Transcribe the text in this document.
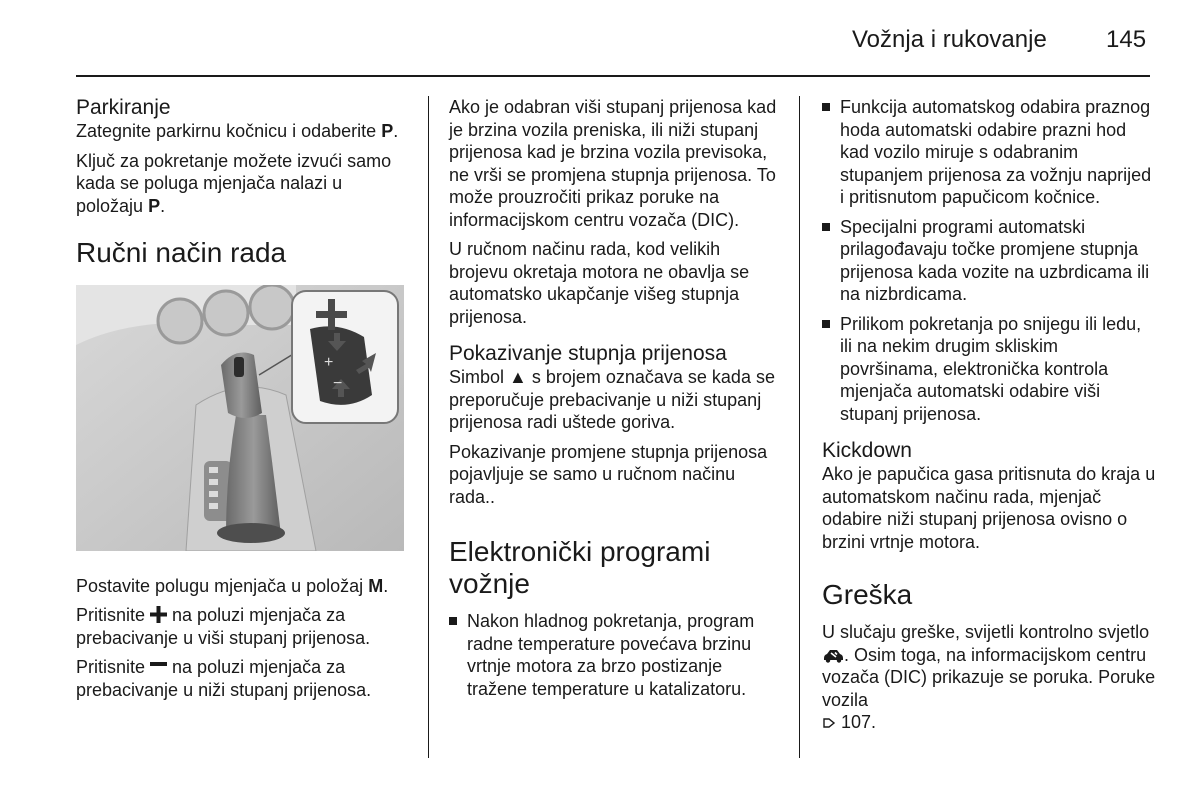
Vožnja i rukovanje 145
Parkiranje

Zategnite parkirnu kočnicu i odaberite P.

Ključ za pokretanje možete izvući samo kada se poluga mjenjača nalazi u položaju P.

Ručni način rada
+
−

Postavite polugu mjenjača u položaj M.

Pritisnite  na poluzi mjenjača za prebacivanje u viši stupanj prijenosa.

Pritisnite  na poluzi mjenjača za prebacivanje u niži stupanj prijenosa.

Ako je odabran viši stupanj prijenosa kad je brzina vozila preniska, ili niži stupanj prijenosa kad je brzina vozila previsoka, ne vrši se promjena stupnja prijenosa. To može prouzročiti prikaz poruke na informacijskom centru vozača (DIC).

U ručnom načinu rada, kod velikih brojevu okretaja motora ne obavlja se automatsko ukapčanje višeg stupnja prijenosa.

Pokazivanje stupnja prijenosa

Simbol ▲ s brojem označava se kada se preporučuje prebacivanje u niži stupanj prijenosa radi uštede goriva.

Pokazivanje promjene stupnja prijenosa pojavljuje se samo u ručnom načinu rada..

Elektronički programi vožnje
Nakon hladnog pokretanja, program radne temperature povećava brzinu vrtnje motora za brzo postizanje tražene temperature u katalizatoru.
Funkcija automatskog odabira praznog hoda automatski odabire prazni hod kad vozilo miruje s odabranim stupanjem prijenosa za vožnju naprijed i pritisnutom papučicom kočnice.
Specijalni programi automatski prilagođavaju točke promjene stupnja prijenosa kada vozite na uzbrdicama ili na nizbrdicama.
Prilikom pokretanja po snijegu ili ledu, ili na nekim drugim skliskim površinama, elektronička kontrola mjenjača automatski odabire viši stupanj prijenosa.
Kickdown

Ako je papučica gasa pritisnuta do kraja u automatskom načinu rada, mjenjač odabire niži stupanj prijenosa ovisno o brzini vrtnje motora.

Greška

U slučaju greške, svijetli kontrolno svjetlo . Osim toga, na informacijskom centru vozača (DIC) prikazuje se poruka. Poruke vozila
107.
